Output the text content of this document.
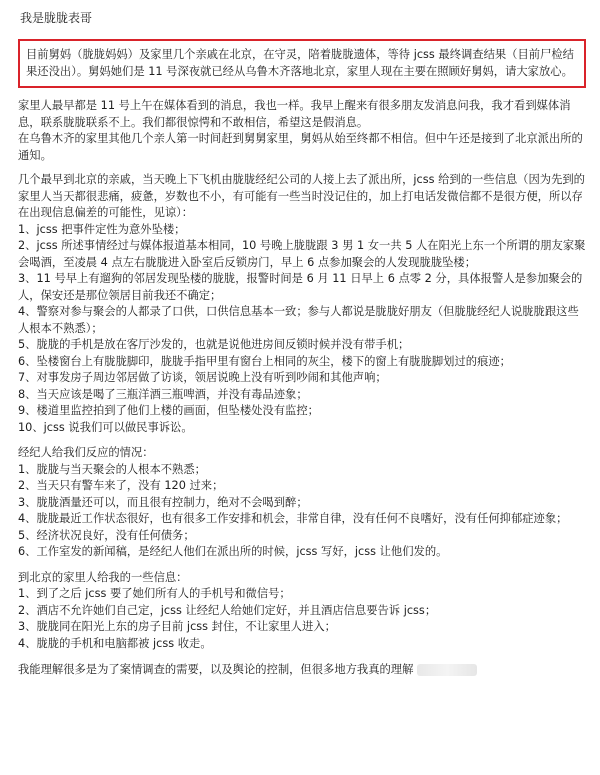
我是胧胧表哥
目前舅妈（胧胧妈妈）及家里几个亲戚在北京，在守灵，陪着胧胧遗体，等待 jcss 最终调查结果（目前尸检结果还没出）。舅妈她们是 11 号深夜就已经从乌鲁木齐落地北京，家里人现在主要在照顾好舅妈，请大家放心。

家里人最早都是 11 号上午在媒体看到的消息，我也一样。我早上醒来有很多朋友发消息问我，我才看到媒体消息，联系胧胧联系不上。我们都很惊愕和不敢相信，希望这是假消息。

在乌鲁木齐的家里其他几个亲人第一时间赶到舅舅家里，舅妈从始至终都不相信。但中午还是接到了北京派出所的通知。

几个最早到北京的亲戚，当天晚上下飞机由胧胧经纪公司的人接上去了派出所，jcss 给到的一些信息（因为先到的家里人当天都很悲痛，疲惫，岁数也不小，有可能有一些当时没记住的，加上打电话发微信都不是很方便，所以存在出现信息偏差的可能性，见谅）：

1、jcss 把事件定性为意外坠楼；
2、jcss 所述事情经过与媒体报道基本相同，10 号晚上胧胧跟 3 男 1 女一共 5 人在阳光上东一个所谓的朋友家聚会喝酒，至凌晨 4 点左右胧胧进入卧室后反锁房门，早上 6 点参加聚会的人发现胧胧坠楼；
3、11 号早上有遛狗的邻居发现坠楼的胧胧，报警时间是 6 月 11 日早上 6 点零 2 分，具体报警人是参加聚会的人，保安还是那位领居目前我还不确定；
4、警察对参与聚会的人都录了口供，口供信息基本一致；参与人都说是胧胧好朋友（但胧胧经纪人说胧胧跟这些人根本不熟悉）；
5、胧胧的手机是放在客厅沙发的，也就是说他进房间反锁时候并没有带手机；
6、坠楼窗台上有胧胧脚印，胧胧手指甲里有窗台上相同的灰尘，楼下的窗上有胧胧脚划过的痕迹；
7、对事发房子周边邻居做了访谈，领居说晚上没有听到吵闹和其他声响；
8、当天应该是喝了三瓶洋酒三瓶啤酒，并没有毒品迹象；
9、楼道里监控拍到了他们上楼的画面，但坠楼处没有监控；
10、jcss 说我们可以做民事诉讼。

经纪人给我们反应的情况：

1、胧胧与当天聚会的人根本不熟悉；
2、当天只有警车来了，没有 120 过来；
3、胧胧酒量还可以，而且很有控制力，绝对不会喝到醉；
4、胧胧最近工作状态很好，也有很多工作安排和机会，非常自律，没有任何不良嗜好，没有任何抑郁症迹象；
5、经济状况良好，没有任何债务；
6、工作室发的新闻稿，是经纪人他们在派出所的时候，jcss 写好，jcss 让他们发的。

到北京的家里人给我的一些信息：

1、到了之后 jcss 要了她们所有人的手机号和微信号；
2、酒店不允许她们自己定，jcss 让经纪人给她们定好，并且酒店信息要告诉 jcss；
3、胧胧同在阳光上东的房子目前 jcss 封住，不让家里人进入；
4、胧胧的手机和电脑都被 jcss 收走。
我能理解很多是为了案情调查的需要，以及舆论的控制，但很多地方我真的理解
